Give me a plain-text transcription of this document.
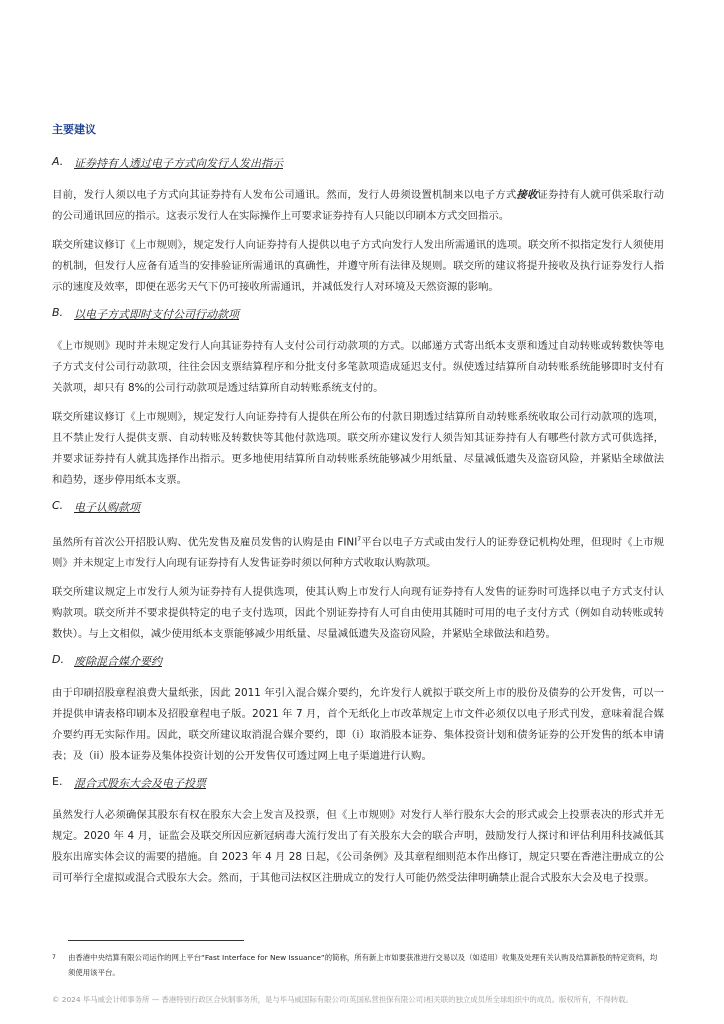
主要建议
A. 证券持有人透过电子方式向发行人发出指示

目前，发行人须以电子方式向其证券持有人发布公司通讯。然而，发行人毋须设置机制来以电子方式接收证券持有人就可供采取行动的公司通讯回应的指示。这表示发行人在实际操作上可要求证券持有人只能以印刷本方式交回指示。

联交所建议修订《上市规则》，规定发行人向证券持有人提供以电子方式向发行人发出所需通讯的选项。联交所不拟指定发行人须使用的机制，但发行人应备有适当的安排验证所需通讯的真确性，并遵守所有法律及规则。联交所的建议将提升接收及执行证券发行人指示的速度及效率，即便在恶劣天气下仍可接收所需通讯，并减低发行人对环境及天然资源的影响。

B. 以电子方式即时支付公司行动款项

《上市规则》现时并未规定发行人向其证券持有人支付公司行动款项的方式。以邮递方式寄出纸本支票和透过自动转账或转数快等电子方式支付公司行动款项，往往会因支票结算程序和分批支付多笔款项造成延迟支付。纵使透过结算所自动转账系统能够即时支付有关款项，却只有 8%的公司行动款项是透过结算所自动转账系统支付的。

联交所建议修订《上市规则》，规定发行人向证券持有人提供在所公布的付款日期透过结算所自动转账系统收取公司行动款项的选项，且不禁止发行人提供支票、自动转账及转数快等其他付款选项。联交所亦建议发行人须告知其证券持有人有哪些付款方式可供选择，并要求证券持有人就其选择作出指示。更多地使用结算所自动转账系统能够减少用纸量、尽量减低遗失及盗窃风险，并紧贴全球做法和趋势，逐步停用纸本支票。

C. 电子认购款项

虽然所有首次公开招股认购、优先发售及雇员发售的认购是由 FINI$^7$平台以电子方式或由发行人的证券登记机构处理，但现时《上市规则》并未规定上市发行人向现有证券持有人发售证券时须以何种方式收取认购款项。

联交所建议规定上市发行人须为证券持有人提供选项，使其认购上市发行人向现有证券持有人发售的证券时可选择以电子方式支付认购款项。联交所并不要求提供特定的电子支付选项，因此个别证券持有人可自由使用其随时可用的电子支付方式（例如自动转账或转数快）。与上文相似，减少使用纸本支票能够减少用纸量、尽量减低遗失及盗窃风险，并紧贴全球做法和趋势。

D. 废除混合媒介要约

由于印刷招股章程浪费大量纸张，因此 2011 年引入混合媒介要约，允许发行人就拟于联交所上市的股份及债券的公开发售，可以一并提供申请表格印刷本及招股章程电子版。2021 年 7 月，首个无纸化上市改革规定上市文件必须仅以电子形式刊发，意味着混合媒介要约再无实际作用。因此，联交所建议取消混合媒介要约，即（i）取消股本证券、集体投资计划和债务证券的公开发售的纸本申请表；及（ii）股本证券及集体投资计划的公开发售仅可透过网上电子渠道进行认购。

E.	混合式股东大会及电子投票

虽然发行人必须确保其股东有权在股东大会上发言及投票，但《上市规则》对发行人举行股东大会的形式或会上投票表决的形式并无规定。2020 年 4 月，证监会及联交所因应新冠病毒大流行发出了有关股东大会的联合声明，鼓励发行人探讨和评估利用科技减低其股东出席实体会议的需要的措施。自 2023 年 4 月 28 日起，《公司条例》及其章程细则范本作出修订，规定只要在香港注册成立的公司可举行全虚拟或混合式股东大会。然而，于其他司法权区注册成立的发行人可能仍然受法律明确禁止混合式股东大会及电子投票。

7	由香港中央结算有限公司运作的网上平台“Fast Interface for New Issuance”的简称，所有新上市如要获准进行交易以及（如适用）收集及处理有关认购及结算新股的特定资料，均须使用该平台。
© 2024 毕马威会计师事务所 — 香港特别行政区合伙制事务所，是与毕马威国际有限公司(英国私营担保有限公司)相关联的独立成员所全球组织中的成员。版权所有，不得转载。
